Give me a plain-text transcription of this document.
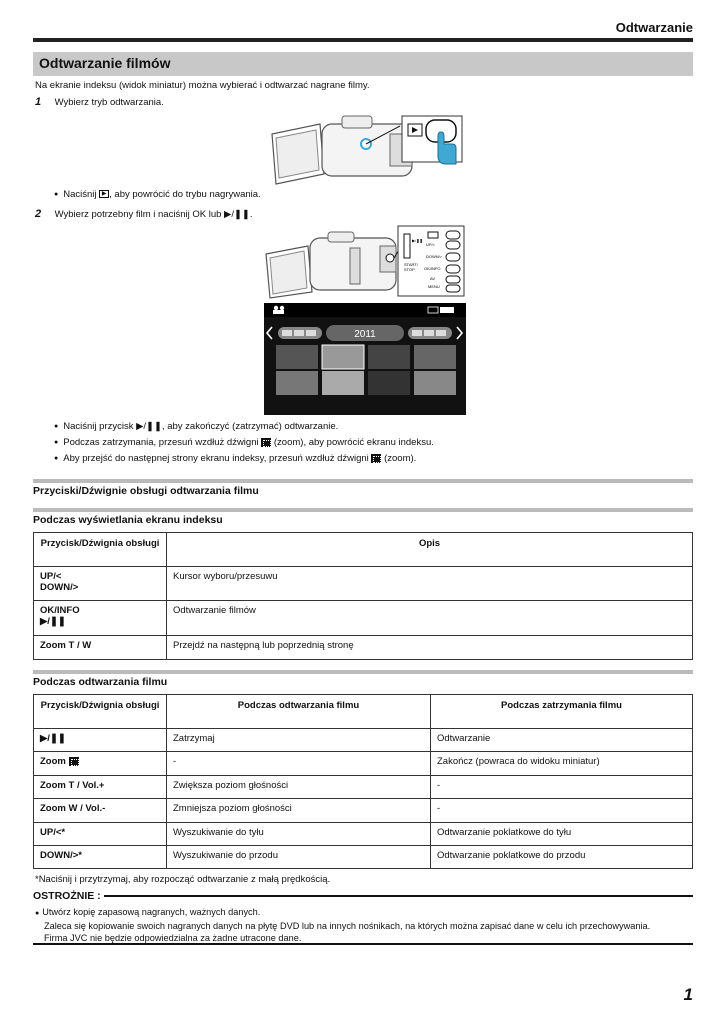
Odtwarzanie
Odtwarzanie filmów
Na ekranie indeksu (widok miniatur) można wybierać i odtwarzać nagrane filmy.
1 Wybierz tryb odtwarzania.
● Naciśnij ▶ , aby powrócić do trybu nagrywania.
2 Wybierz potrzebny film i naciśnij OK lub ▶/❚❚.
▶/❚❚
START/
STOP
UP/<
DOWN/>
OK/INFO
AV
MENU
2011
● Naciśnij przycisk ▶/❚❚, aby zakończyć (zatrzymać) odtwarzanie.
● Podczas zatrzymania, przesuń wzdłuż dźwigni (zoom), aby powrócić ekranu indeksu.
● Aby przejść do następnej strony ekranu indeksy, przesuń wzdłuż dźwigni (zoom).
Przyciski/Dźwignie obsługi odtwarzania filmu
Podczas wyświetlania ekranu indeksu
Przycisk/Dźwignia obsługi	Opis

UP/<
DOWN/>	Kursor wyboru/przesuwu

OK/INFO
▶/❚❚	Odtwarzanie filmów
Zoom T / W	Przejdź na następną lub poprzednią stronę
Podczas odtwarzania filmu
Przycisk/Dźwignia obsługi	Podczas odtwarzania filmu	Podczas zatrzymania filmu
▶/❚❚	Zatrzymaj	Odtwarzanie
Zoom	-	Zakończ (powraca do widoku miniatur)
Zoom T / Vol.+	Zwiększa poziom głośności	-
Zoom W / Vol.-	Zmniejsza poziom głośności	-
UP/<*	Wyszukiwanie do tyłu	Odtwarzanie poklatkowe do tyłu
DOWN/>*	Wyszukiwanie do przodu	Odtwarzanie poklatkowe do przodu
*Naciśnij i przytrzymaj, aby rozpocząć odtwarzanie z małą prędkością.
OSTROŻNIE :
● Utwórz kopię zapasową nagranych, ważnych danych.
Zaleca się kopiowanie swoich nagranych danych na płytę DVD lub na innych nośnikach, na których można zapisać dane w celu ich przechowywania.
Firma JVC nie będzie odpowiedzialna za żadne utracone dane.
1
